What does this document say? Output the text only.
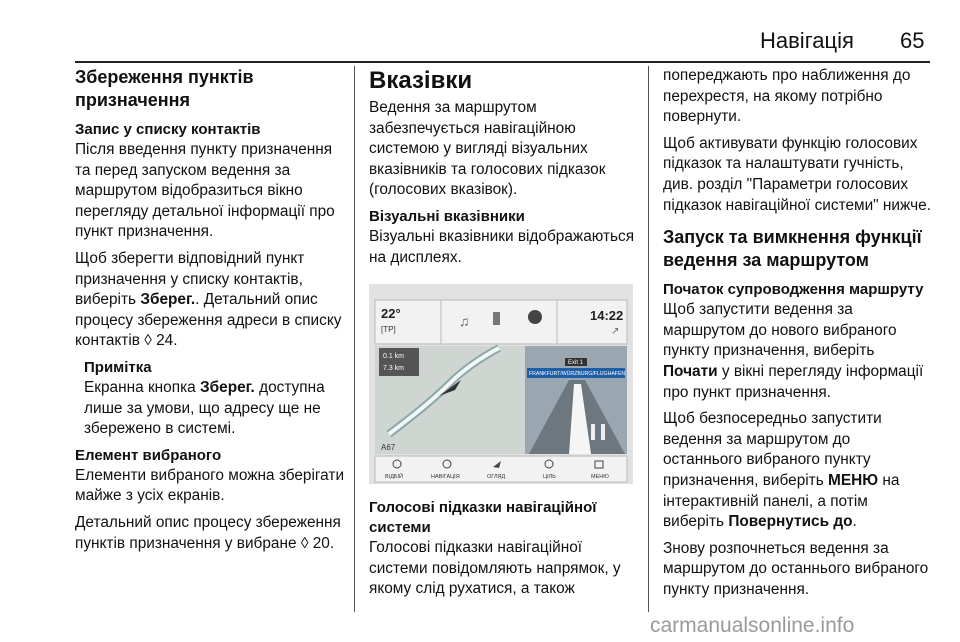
Навігація 65
Збереження пунктів призначення
Запис у списку контактів

Після введення пункту призначення та перед запуском ведення за маршрутом відобразиться вікно перегляду детальної інформації про пункт призначення.

Щоб зберегти відповідний пункт призначення у списку контактів, виберіть Зберег.. Детальний опис процесу збереження адреси в списку контактів ◊ 24.

Примітка

Екранна кнопка Зберег. доступна лише за умови, що адресу ще не збережено в системі.

Елемент вибраного

Елементи вибраного можна зберігати майже з усіх екранів.

Детальний опис процесу збереження пунктів призначення у вибране ◊ 20.

Вказівки

Ведення за маршрутом забезпечується навігаційною системою у вигляді візуальних вказівників та голосових підказок (голосових вказівок).

Візуальні вказівники

Візуальні вказівники відображаються на дисплеях.

22°
[TP]
♫	14:22
↗
0.1 km
7.3 km
A67
Exit 1
FRANKFURT/WÜRZBURG/FLUGHAFEN
ВІДБІЙ	НАВІГАЦІЯ	ОГЛЯД	ЦІЛЬ	МЕНЮ
Голосові підказки навігаційної системи

Голосові підказки навігаційної системи повідомляють напрямок, у якому слід рухатися, а також

попереджають про наближення до перехрестя, на якому потрібно повернути.

Щоб активувати функцію голосових підказок та налаштувати гучність, див. розділ "Параметри голосових підказок навігаційної системи" нижче.

Запуск та вимкнення функції ведення за маршрутом
Початок супроводження маршруту

Щоб запустити ведення за маршрутом до нового вибраного пункту призначення, виберіть Почати у вікні перегляду інформації про пункт призначення.

Щоб безпосередньо запустити ведення за маршрутом до останнього вибраного пункту призначення, виберіть МЕНЮ на інтерактивній панелі, а потім виберіть Повернутись до.

Знову розпочнеться ведення за маршрутом до останнього вибраного пункту призначення.

carmanualsonline.info
